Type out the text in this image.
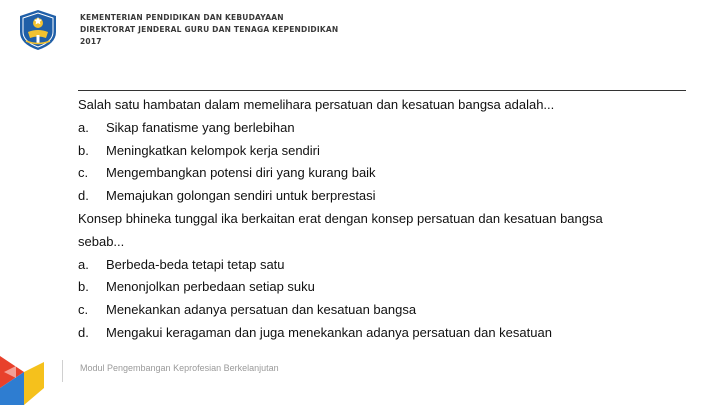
KEMENTERIAN PENDIDIKAN DAN KEBUDAYAAN
DIREKTORAT JENDERAL GURU DAN TENAGA KEPENDIDIKAN
2017
Salah satu hambatan dalam memelihara persatuan dan kesatuan bangsa adalah...
a.	Sikap fanatisme yang berlebihan
b.	Meningkatkan kelompok kerja sendiri
c.	Mengembangkan potensi diri yang kurang baik
d.	Memajukan golongan sendiri untuk berprestasi
Konsep bhineka tunggal ika berkaitan erat dengan konsep persatuan dan kesatuan bangsa
sebab...
a.	Berbeda-beda tetapi tetap satu
b.	Menonjolkan perbedaan setiap suku
c.	Menekankan adanya persatuan dan kesatuan bangsa
d.	Mengakui keragaman dan juga menekankan adanya persatuan dan kesatuan
Modul Pengembangan Keprofesian Berkelanjutan
